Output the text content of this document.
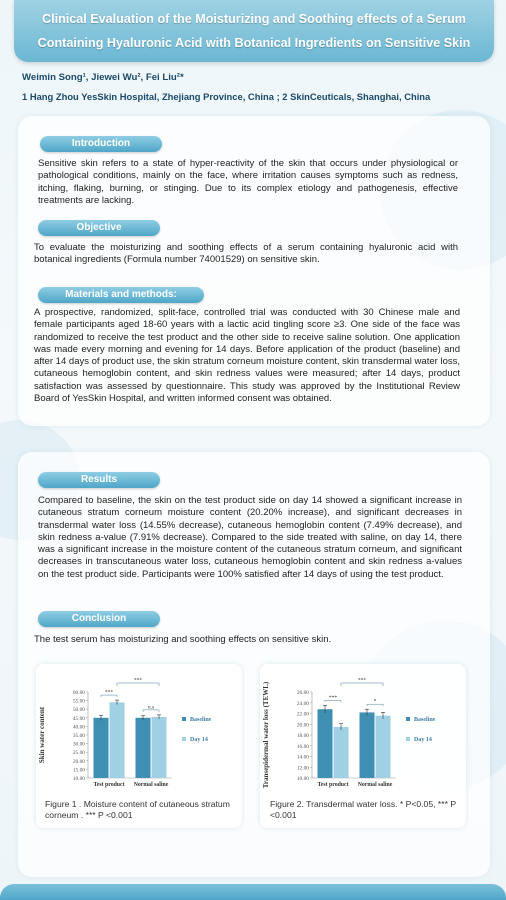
Clinical Evaluation of the Moisturizing and Soothing effects of a Serum
Containing Hyaluronic Acid with Botanical Ingredients on Sensitive Skin
Weimin Song¹, Jiewei Wu², Fei Liu²*
1 Hang Zhou YesSkin Hospital, Zhejiang Province, China ; 2 SkinCeuticals, Shanghai, China
Introduction
Sensitive skin refers to a state of hyper-reactivity of the skin that occurs under physiological or pathological conditions, mainly on the face, where irritation causes symptoms such as redness, itching, flaking, burning, or stinging. Due to its complex etiology and pathogenesis, effective treatments are lacking.
Objective
To evaluate the moisturizing and soothing effects of a serum containing hyaluronic acid with botanical ingredients (Formula number 74001529) on sensitive skin.
Materials and methods:
A prospective, randomized, split-face, controlled trial was conducted with 30 Chinese male and female participants aged 18-60 years with a lactic acid tingling score ≥3. One side of the face was randomized to receive the test product and the other side to receive saline solution. One application was made every morning and evening for 14 days. Before application of the product (baseline) and after 14 days of product use, the skin stratum corneum moisture content, skin transdermal water loss, cutaneous hemoglobin content, and skin redness values were measured; after 14 days, product satisfaction was assessed by questionnaire. This study was approved by the Institutional Review Board of YesSkin Hospital, and written informed consent was obtained.
Results
Compared to baseline, the skin on the test product side on day 14 showed a significant increase in cutaneous stratum corneum moisture content (20.20% increase), and significant decreases in transdermal water loss (14.55% decrease), cutaneous hemoglobin content (7.49% decrease), and skin redness a-value (7.91% decrease). Compared to the side treated with saline, on day 14, there was a significant increase in the moisture content of the cutaneous stratum corneum, and significant decreases in transcutaneous water loss, cutaneous hemoglobin content and skin redness a-values on the test product side. Participants were 100% satisfied after 14 days of using the test product.
Conclusion
The test serum has moisturizing and soothing effects on sensitive skin.
Skin water content
10.00
15.00
20.00
25.00
30.00
35.00
40.00
45.00
50.00
55.00
60.00
Test product Normal saline
***
n.s
***
Baseline
Day 14
Figure 1 . Moisture content of cutaneous stratum corneum . *** P <0.001
Transepidermal water loss (TEWL)	10.00
12.00
14.00
16.00
18.00
20.00
22.00
24.00
26.00
Test product Normal saline
***
*
***
Baseline
Day 14
Figure 2. Transdermal water loss. * P<0.05, *** P <0.001
